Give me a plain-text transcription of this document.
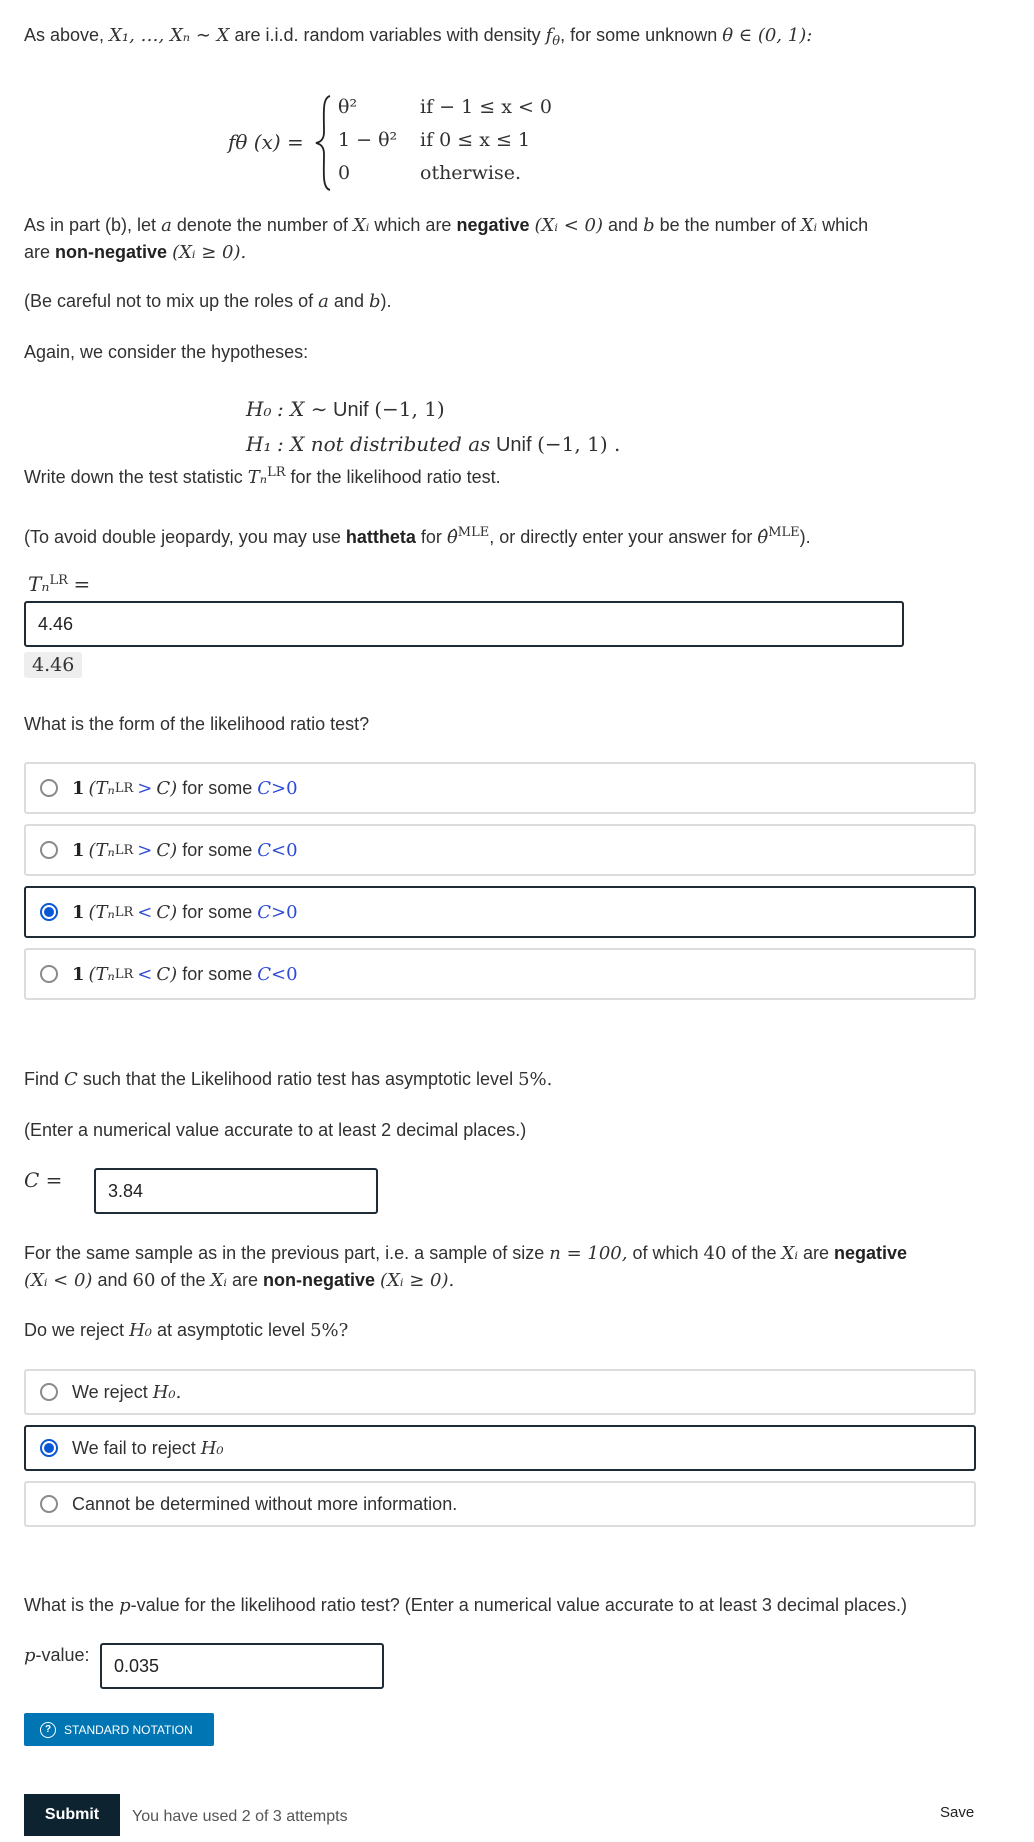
As above, X₁, …, Xₙ ∼ X are i.i.d. random variables with density $f_\theta$, for some unknown θ ∈ (0, 1):
fθ (x) =
θ²	if − 1 ≤ x < 0
1 − θ² if 0 ≤ x ≤ 1
0	otherwise.
As in part (b), let a denote the number of Xᵢ which are negative (Xᵢ < 0) and b be the number of Xᵢ which
are non-negative (Xᵢ ≥ 0).
(Be careful not to mix up the roles of a and b).
Again, we consider the hypotheses:
H₀ : X ∼ Unif (−1, 1)
H₁ : X not distributed as Unif (−1, 1) .
Write down the test statistic Tₙ$^{LR}$ for the likelihood ratio test.
(To avoid double jeopardy, you may use hattheta for θ̂$^{MLE}$, or directly enter your answer for θ̂$^{MLE}$).
Tₙ$^{LR}$ =
4.46
4.46
What is the form of the likelihood ratio test?
1 (Tₙ LR > C)
for some
C >0
1 (Tₙ LR > C)
for some
C <0
1 (Tₙ LR < C)
for some
C >0
1 (Tₙ LR < C)
for some
C <0
Find C such that the Likelihood ratio test has asymptotic level 5%.
(Enter a numerical value accurate to at least 2 decimal places.)
C =	3.84
For the same sample as in the previous part, i.e. a sample of size n = 100, of which 40 of the Xᵢ are negative
(Xᵢ < 0) and 60 of the Xᵢ are non-negative (Xᵢ ≥ 0).
Do we reject H₀ at asymptotic level 5%?
We reject
H₀.
We fail to reject
H₀
Cannot be determined without more information.
What is the p-value for the likelihood ratio test? (Enter a numerical value accurate to at least 3 decimal places.)
p-value:
0.035
?	STANDARD NOTATION
Submit	You have used 2 of 3 attempts	Save
